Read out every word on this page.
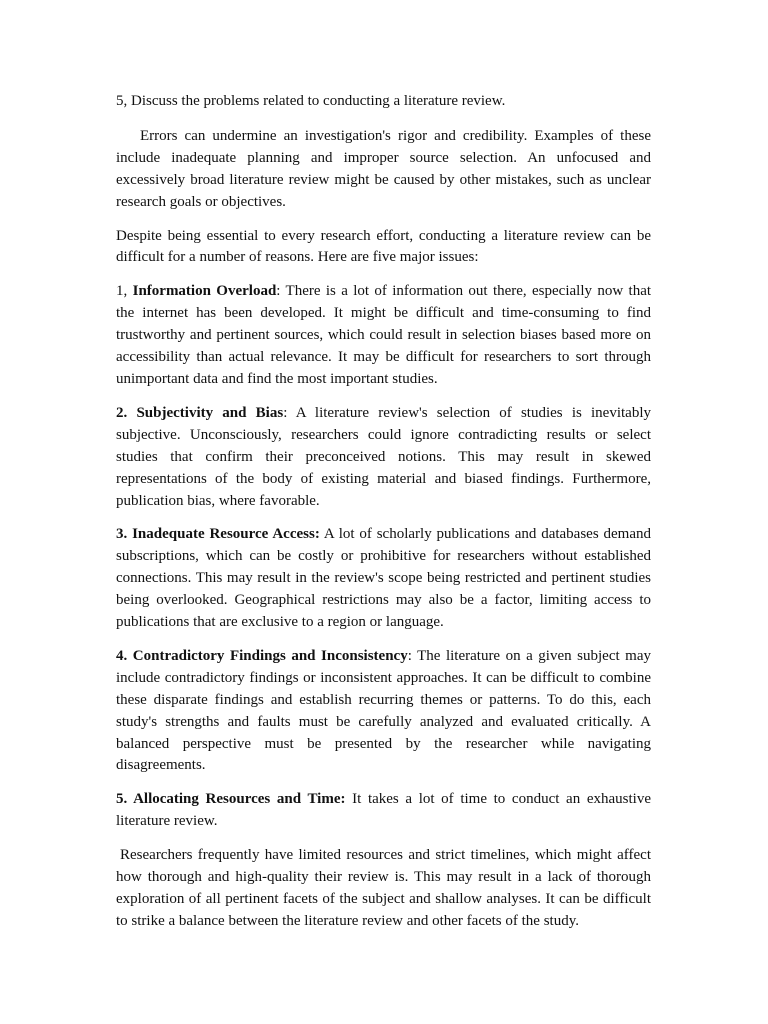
5, Discuss the problems related to conducting a literature review.

Errors can undermine an investigation's rigor and credibility. Examples of these include inadequate planning and improper source selection. An unfocused and excessively broad literature review might be caused by other mistakes, such as unclear research goals or objectives.

Despite being essential to every research effort, conducting a literature review can be difficult for a number of reasons. Here are five major issues:

1, Information Overload: There is a lot of information out there, especially now that the internet has been developed. It might be difficult and time-consuming to find trustworthy and pertinent sources, which could result in selection biases based more on accessibility than actual relevance. It may be difficult for researchers to sort through unimportant data and find the most important studies.

2. Subjectivity and Bias: A literature review's selection of studies is inevitably subjective. Unconsciously, researchers could ignore contradicting results or select studies that confirm their preconceived notions. This may result in skewed representations of the body of existing material and biased findings. Furthermore, publication bias, where favorable.

3. Inadequate Resource Access: A lot of scholarly publications and databases demand subscriptions, which can be costly or prohibitive for researchers without established connections. This may result in the review's scope being restricted and pertinent studies being overlooked. Geographical restrictions may also be a factor, limiting access to publications that are exclusive to a region or language.

4. Contradictory Findings and Inconsistency: The literature on a given subject may include contradictory findings or inconsistent approaches. It can be difficult to combine these disparate findings and establish recurring themes or patterns. To do this, each study's strengths and faults must be carefully analyzed and evaluated critically. A balanced perspective must be presented by the researcher while navigating disagreements.

5. Allocating Resources and Time: It takes a lot of time to conduct an exhaustive literature review.

Researchers frequently have limited resources and strict timelines, which might affect how thorough and high-quality their review is. This may result in a lack of thorough exploration of all pertinent facets of the subject and shallow analyses. It can be difficult to strike a balance between the literature review and other facets of the study.
